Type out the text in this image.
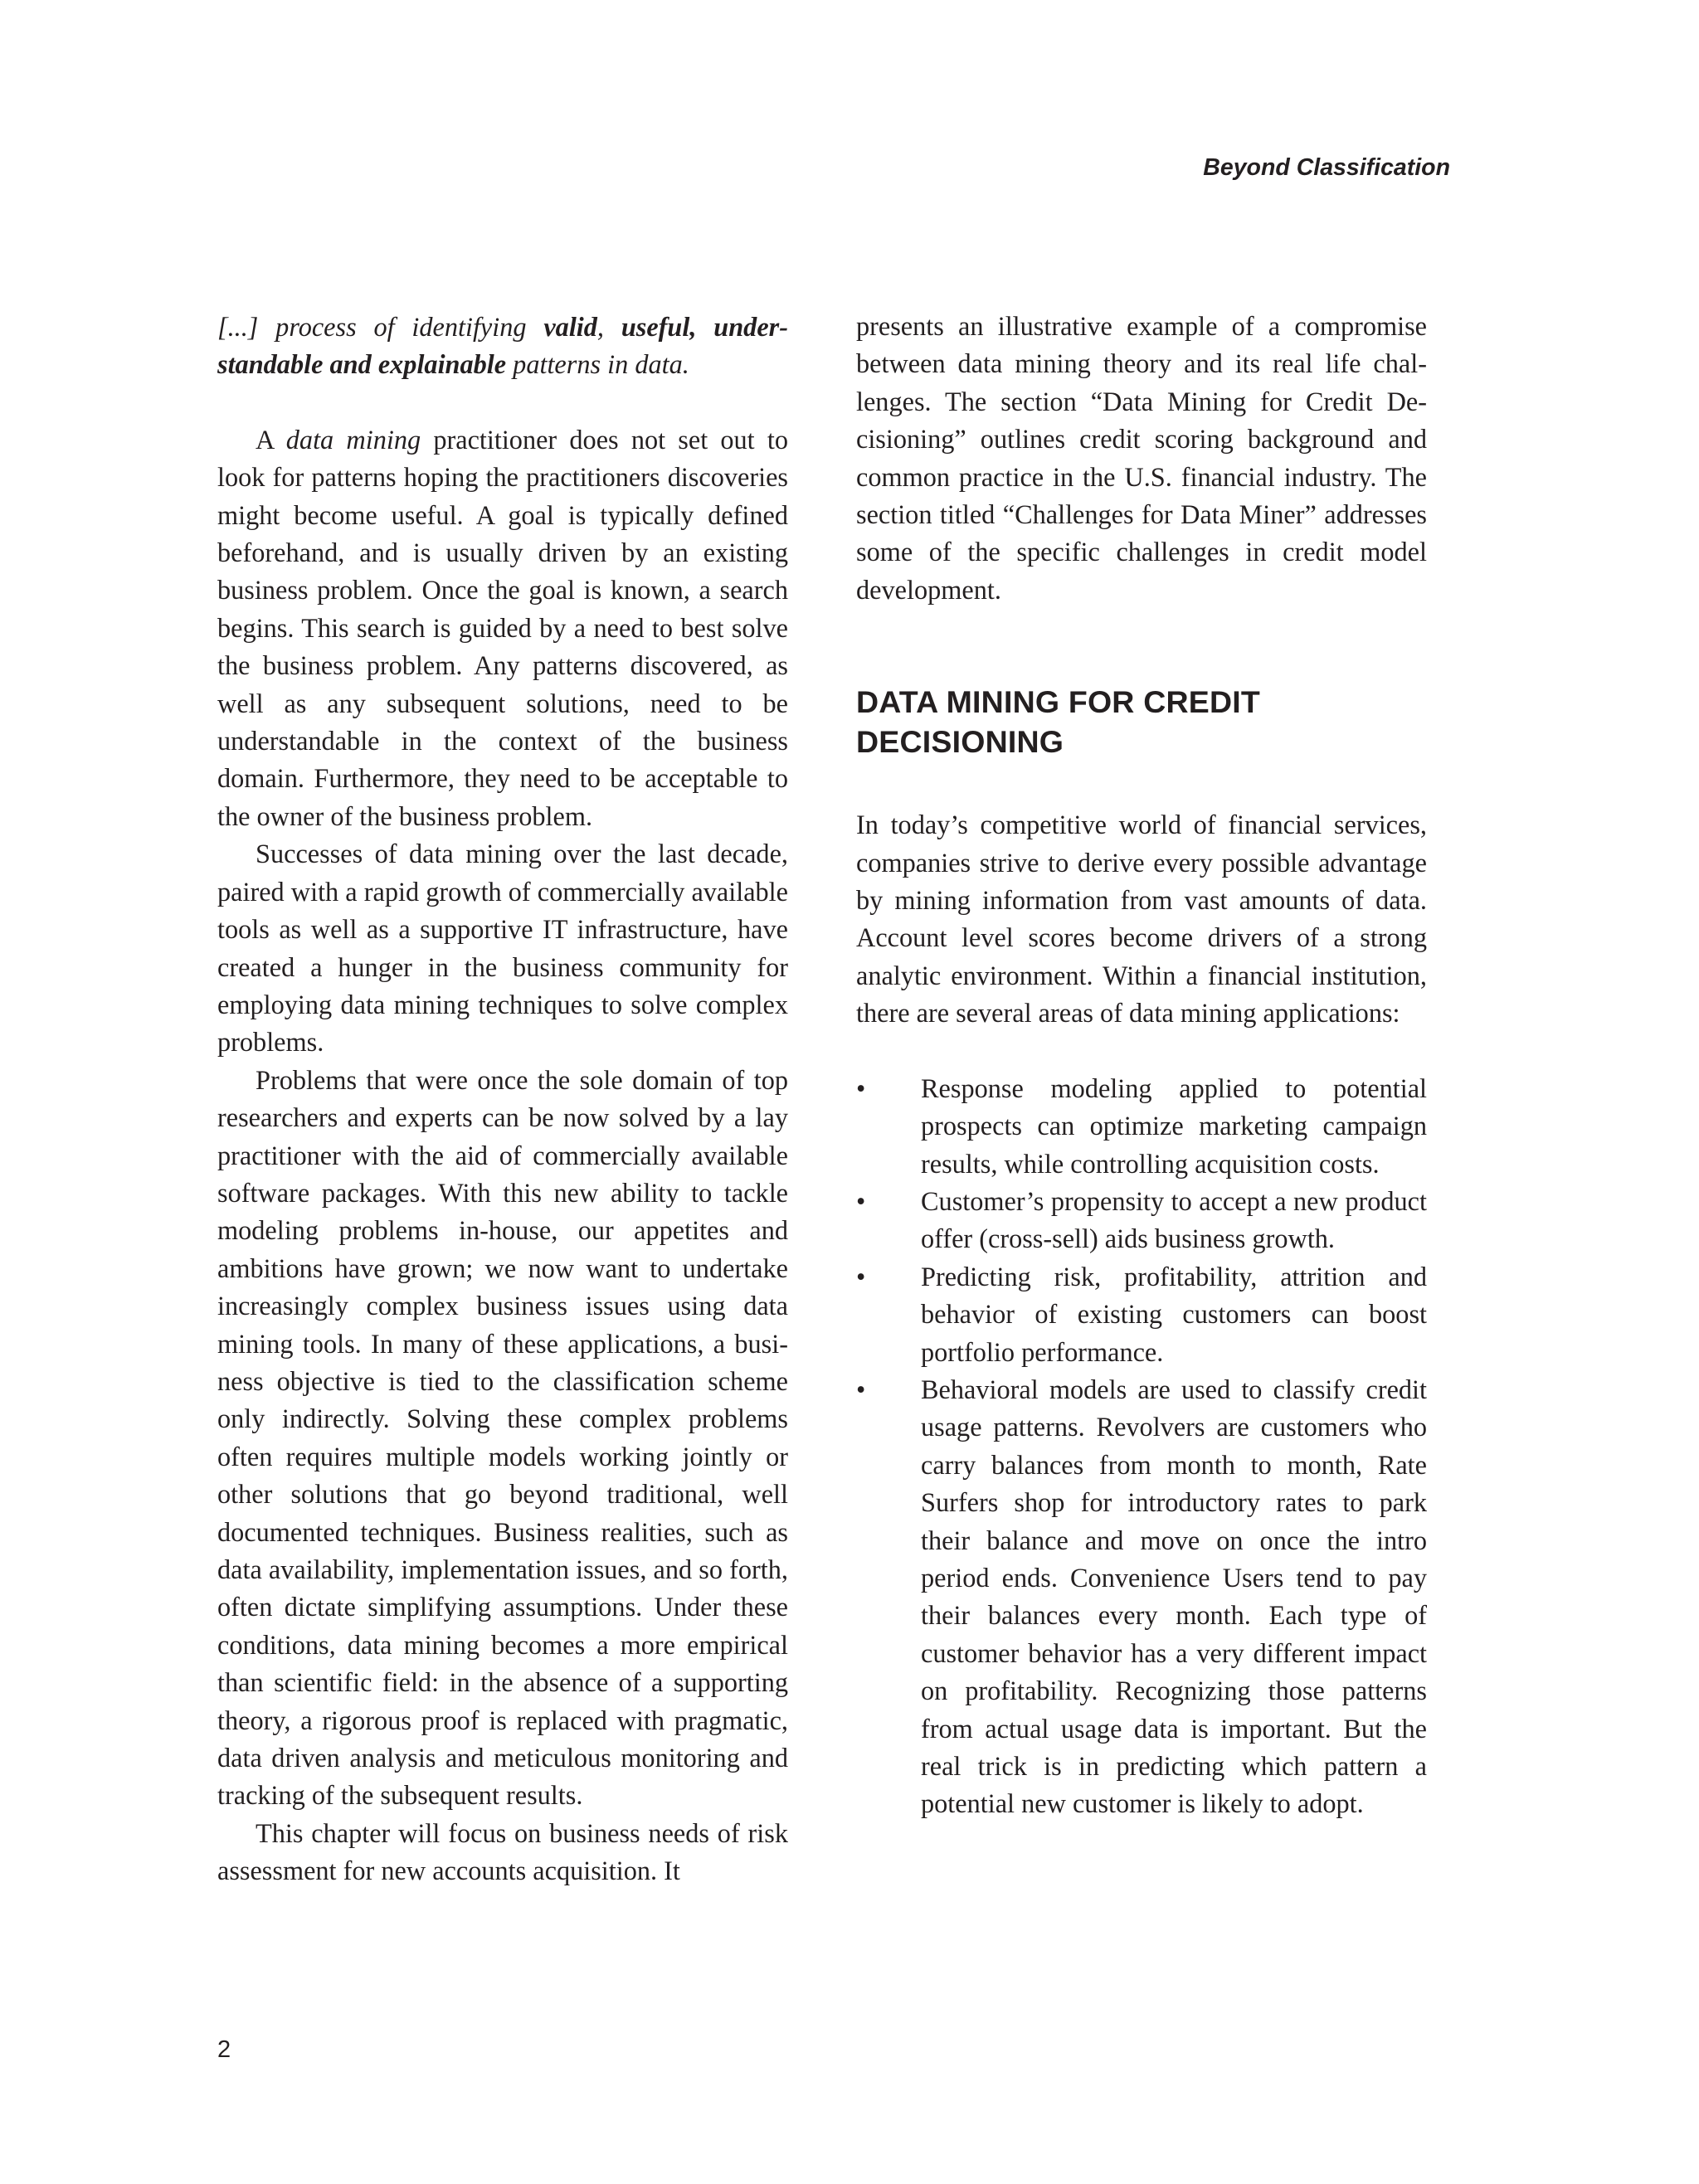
Beyond Classification

[...] process of identifying valid, useful, understandable and explainable patterns in data.

A data mining practitioner does not set out to look for patterns hoping the practitioners discoveries might become useful. A goal is typically defined beforehand, and is usually driven by an existing business problem. Once the goal is known, a search begins. This search is guided by a need to best solve the business problem. Any patterns discovered, as well as any subsequent solutions, need to be understandable in the context of the business domain. Furthermore, they need to be acceptable to the owner of the business problem.

Successes of data mining over the last decade, paired with a rapid growth of commercially available tools as well as a supportive IT infrastructure, have created a hunger in the business community for employing data mining techniques to solve complex problems.

Problems that were once the sole domain of top researchers and experts can be now solved by a lay practitioner with the aid of commercially available software packages. With this new ability to tackle modeling problems in-house, our appetites and ambitions have grown; we now want to undertake increasingly complex business issues using data mining tools. In many of these applications, a business objective is tied to the classification scheme only indirectly. Solving these complex problems often requires multiple models working jointly or other solutions that go beyond traditional, well documented techniques. Business realities, such as data availability, implementation issues, and so forth, often dictate simplifying assumptions. Under these conditions, data mining becomes a more empirical than scientific field: in the absence of a supporting theory, a rigorous proof is replaced with pragmatic, data driven analysis and meticulous monitoring and tracking of the subsequent results.

This chapter will focus on business needs of risk assessment for new accounts acquisition. It

presents an illustrative example of a compromise between data mining theory and its real life challenges. The section “Data Mining for Credit Decisioning” outlines credit scoring background and common practice in the U.S. financial industry. The section titled “Challenges for Data Miner” addresses some of the specific challenges in credit model development.

DATA MINING FOR CREDIT DECISIONING

In today’s competitive world of financial services, companies strive to derive every possible advantage by mining information from vast amounts of data. Account level scores become drivers of a strong analytic environment. Within a financial institution, there are several areas of data mining applications:

• Response modeling applied to potential prospects can optimize marketing campaign results, while controlling acquisition costs.
• Customer’s propensity to accept a new product offer (cross-sell) aids business growth.
• Predicting risk, profitability, attrition and behavior of existing customers can boost portfolio performance.
• Behavioral models are used to classify credit usage patterns. Revolvers are customers who carry balances from month to month, Rate Surfers shop for introductory rates to park their balance and move on once the intro period ends. Convenience Users tend to pay their balances every month. Each type of customer behavior has a very different impact on profitability. Recognizing those patterns from actual usage data is important. But the real trick is in predicting which pattern a potential new customer is likely to adopt.
2
